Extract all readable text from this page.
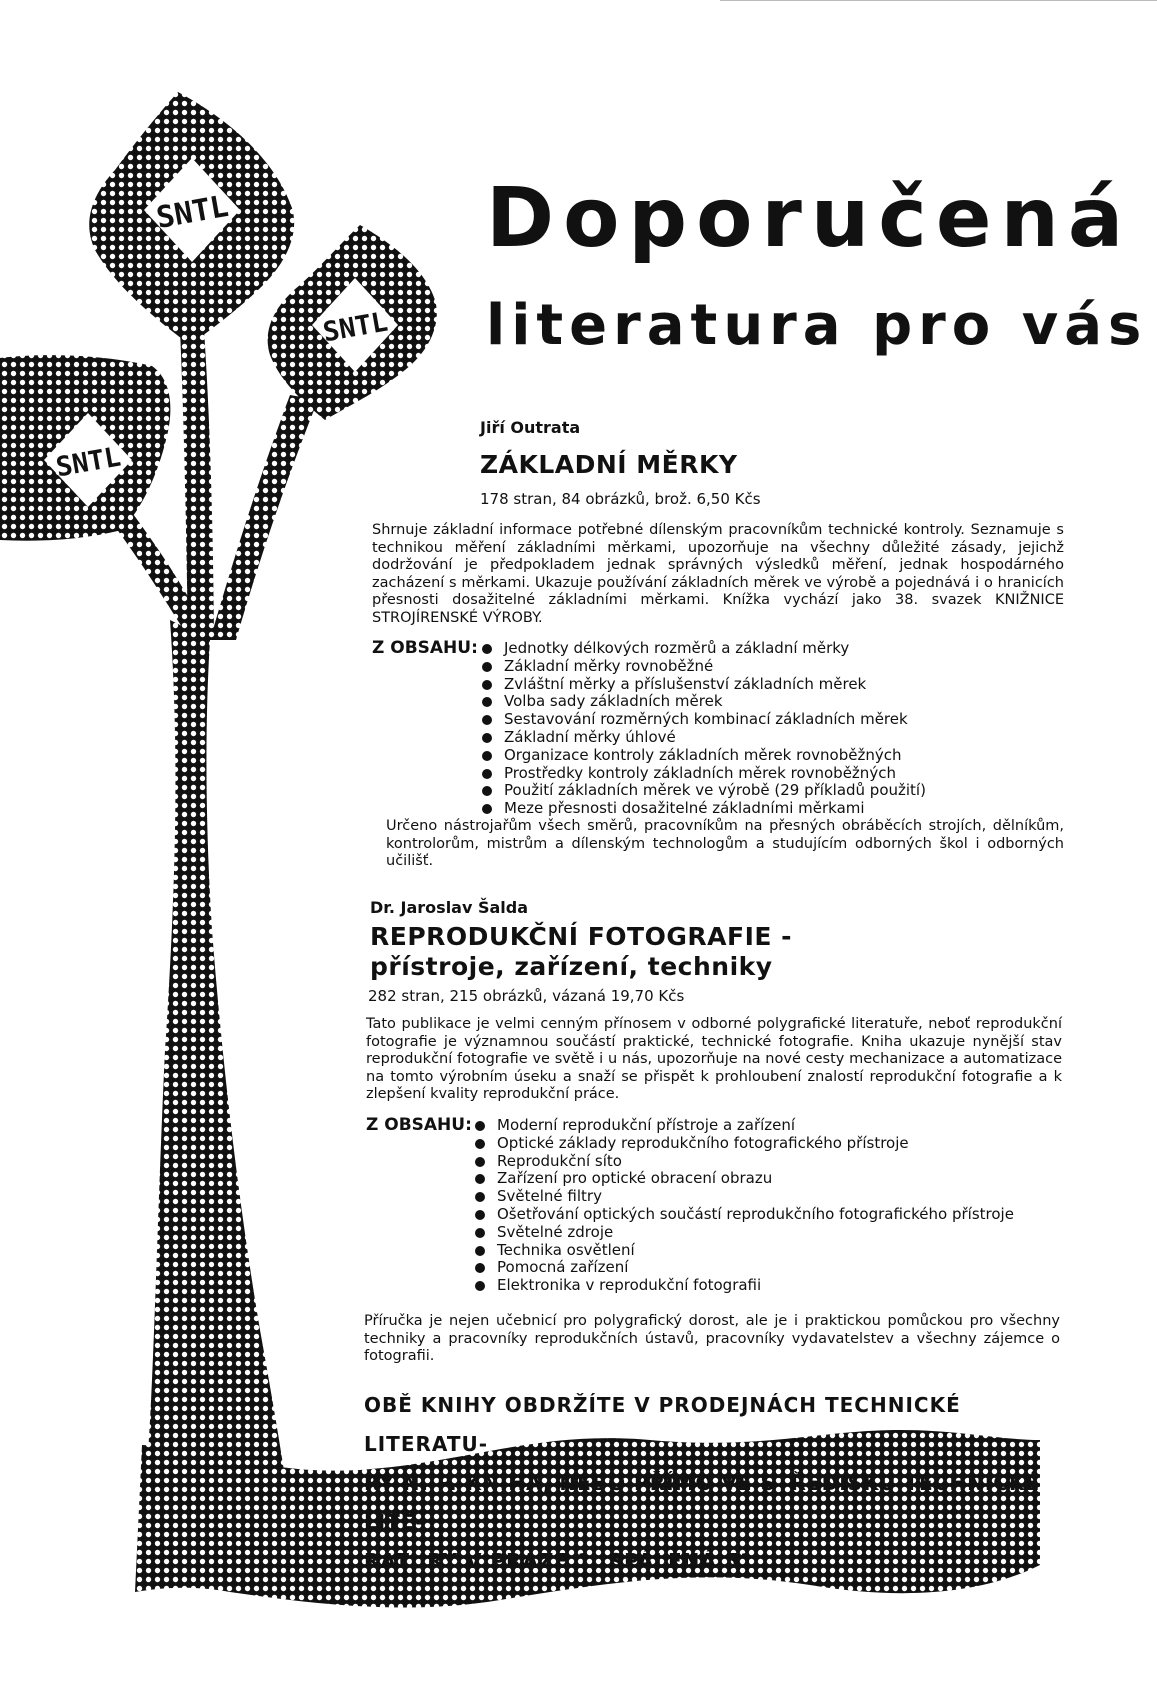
SNTL
SNTL
SNTL
Doporučená
literatura pro vás
Jiří Outrata
ZÁKLADNÍ MĚRKY
178 stran, 84 obrázků, brož. 6,50 Kčs
Shrnuje základní informace potřebné dílenským pracovníkům technické kontroly. Seznamuje s technikou měření základními měrkami, upozorňuje na všechny důležité zásady, jejichž dodržování je předpokladem jednak správných výsledků měření, jednak hospodárného zacházení s měrkami. Ukazuje používání základních měrek ve výrobě a pojednává i o hranicích přesnosti dosažitelné základními měrkami. Knížka vychází jako 38. svazek KNIŽNICE STROJÍRENSKÉ VÝROBY.
Z OBSAHU:	Jednotky délkových rozměrů a základní měrky
Základní měrky rovnoběžné
Zvláštní měrky a příslušenství základních měrek
Volba sady základních měrek
Sestavování rozměrných kombinací základních měrek
Základní měrky úhlové
Organizace kontroly základních měrek rovnoběžných
Prostředky kontroly základních měrek rovnoběžných
Použití základních měrek ve výrobě (29 příkladů použití)
Meze přesnosti dosažitelné základními měrkami
Určeno nástrojařům všech směrů, pracovníkům na přesných obráběcích strojích, dělníkům, kontrolorům, mistrům a dílenským technologům a studujícím odborných škol i odborných učilišť.
Dr. Jaroslav Šalda
REPRODUKČNÍ FOTOGRAFIE -
přístroje, zařízení, techniky
282 stran, 215 obrázků, vázaná 19,70 Kčs
Tato publikace je velmi cenným přínosem v odborné polygrafické literatuře, neboť reprodukční fotografie je významnou součástí praktické, technické fotografie. Kniha ukazuje nynější stav reprodukční fotografie ve světě i u nás, upozorňuje na nové cesty mechanizace a automatizace na tomto výrobním úseku a snaží se přispět k prohloubení znalostí reprodukční fotografie a k zlepšení kvality reprodukční práce.
Z OBSAHU:	Moderní reprodukční přístroje a zařízení
Optické základy reprodukčního fotografického přístroje
Reprodukční síto
Zařízení pro optické obracení obrazu
Světelné filtry
Ošetřování optických součástí reprodukčního fotografického přístroje
Světelné zdroje
Technika osvětlení
Pomocná zařízení
Elektronika v reprodukční fotografii
Příručka je nejen učebnicí pro polygrafický dorost, ale je i praktickou pomůckou pro všechny techniky a pracovníky reprodukčních ústavů, pracovníky vydavatelstev a všechny zájemce o fotografii.
OBĚ KNIHY OBDRŽÍTE V PRODEJNÁCH TECHNICKÉ LITERATU-
RY N. P. KNIHA, NEBO PŘÍMO VE STŘEDISKU TECHNICKÉ LITE-
RATURY V PRAZE 1, SPÁLENÁ 51.
